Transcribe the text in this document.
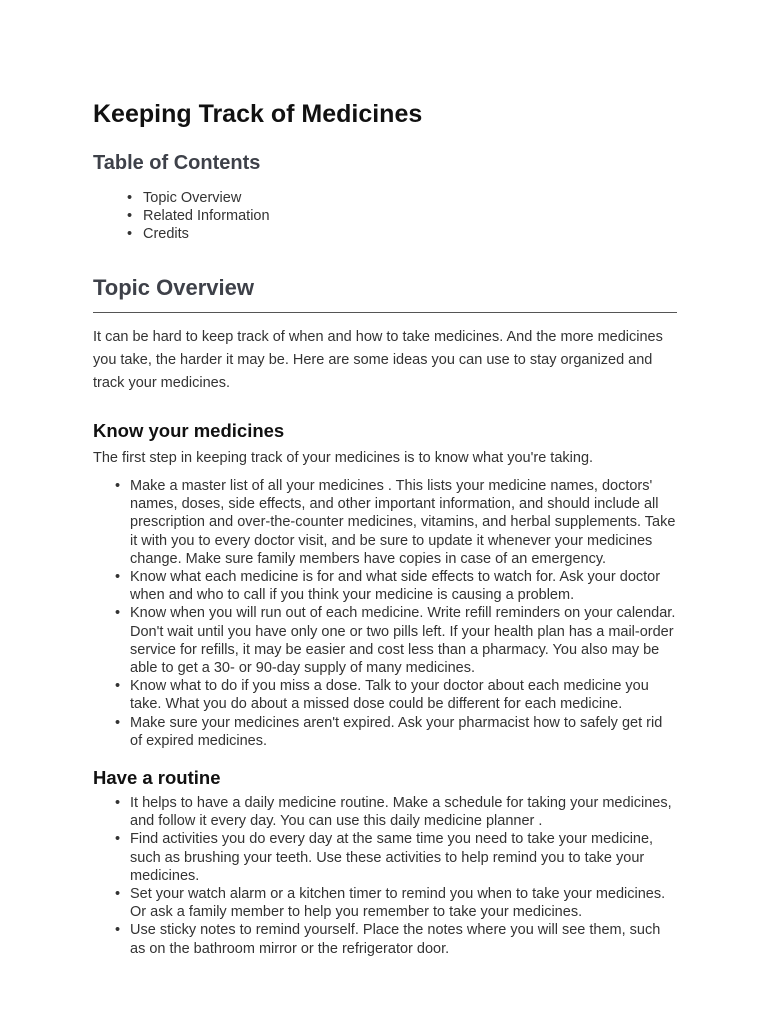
Keeping Track of Medicines
Table of Contents
• Topic Overview
• Related Information
• Credits
Topic Overview

It can be hard to keep track of when and how to take medicines. And the more medicines you take, the harder it may be. Here are some ideas you can use to stay organized and track your medicines.

Know your medicines

The first step in keeping track of your medicines is to know what you're taking.

• Make a master list of all your medicines . This lists your medicine names, doctors' names, doses, side effects, and other important information, and should include all prescription and over-the-counter medicines, vitamins, and herbal supplements. Take it with you to every doctor visit, and be sure to update it whenever your medicines change. Make sure family members have copies in case of an emergency.
• Know what each medicine is for and what side effects to watch for. Ask your doctor when and who to call if you think your medicine is causing a problem.
• Know when you will run out of each medicine. Write refill reminders on your calendar. Don't wait until you have only one or two pills left. If your health plan has a mail-order service for refills, it may be easier and cost less than a pharmacy. You also may be able to get a 30- or 90-day supply of many medicines.
• Know what to do if you miss a dose. Talk to your doctor about each medicine you take. What you do about a missed dose could be different for each medicine.
• Make sure your medicines aren't expired. Ask your pharmacist how to safely get rid of expired medicines.
Have a routine
• It helps to have a daily medicine routine. Make a schedule for taking your medicines, and follow it every day. You can use this daily medicine planner .
• Find activities you do every day at the same time you need to take your medicine, such as brushing your teeth. Use these activities to help remind you to take your medicines.
• Set your watch alarm or a kitchen timer to remind you when to take your medicines. Or ask a family member to help you remember to take your medicines.
• Use sticky notes to remind yourself. Place the notes where you will see them, such as on the bathroom mirror or the refrigerator door.
